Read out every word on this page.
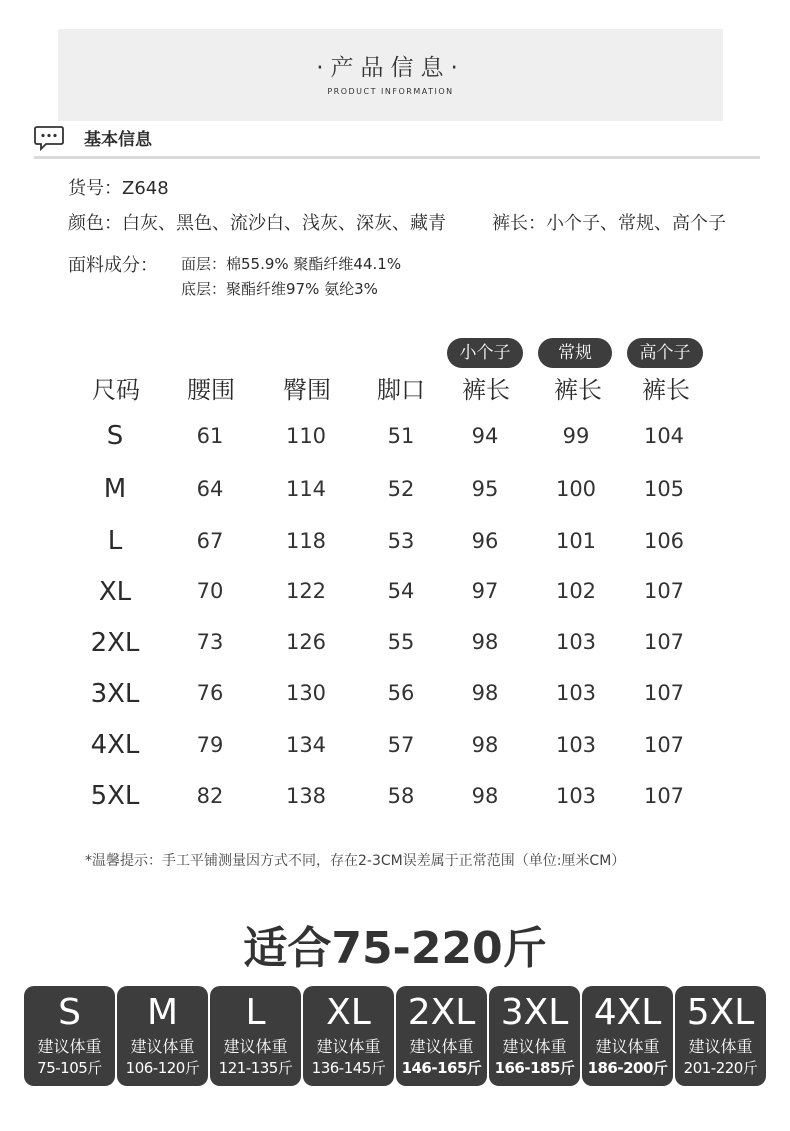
·产品信息·
PRODUCT INFORMATION
基本信息
货号：Z648
颜色：白灰、黑色、流沙白、浅灰、深灰、藏青	裤长：小个子、常规、高个子
面料成分： 面层：棉55.9% 聚酯纤维44.1%
底层：聚酯纤维97% 氨纶3%
小个子	常规	高个子
尺码	腰围	臀围	脚口	裤长	裤长	裤长
S	61	110	51	94	99	104
M	64	114	52	95	100	105
L	67	118	53	96	101	106
XL	70	122	54	97	102	107
2XL	73	126	55	98	103	107
3XL	76	130	56	98	103	107
4XL	79	134	57	98	103	107
5XL	82	138	58	98	103	107
*温馨提示：手工平铺测量因方式不同，存在2-3CM误差属于正常范围（单位:厘米CM）
适合75-220斤
S
建议体重
75-105斤
M
建议体重
106-120斤
L
建议体重
121-135斤
XL
建议体重
136-145斤
2XL
建议体重
146-165斤
3XL
建议体重
166-185斤
4XL
建议体重
186-200斤
5XL
建议体重
201-220斤
